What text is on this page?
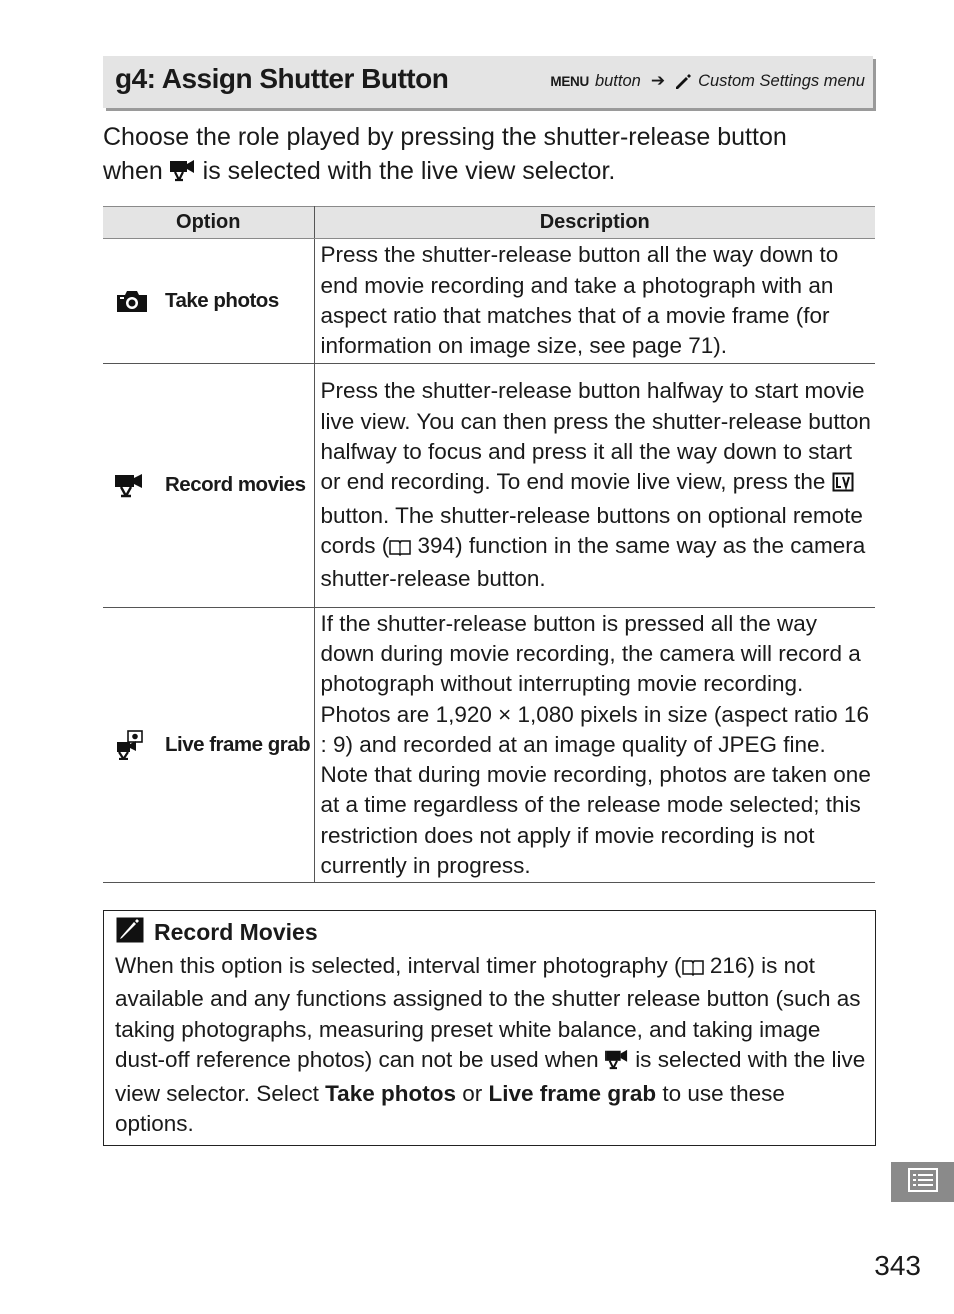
g4: Assign Shutter Button	MENU button ➔ Custom Settings menu

Choose the role played by pressing the shutter-release button

when is selected with the live view selector.

Option	Description

Take photos	Press the shutter-release button all the way down to end movie recording and take a photograph with an aspect ratio that matches that of a movie frame (for information on image size, see page 71).

Record movies	Press the shutter-release button halfway to start movie live view. You can then press the shutter-release button halfway to focus and press it all the way down to start or end recording. To end movie live view, press the  button. The shutter-release buttons on optional remote cords ( 394) function in the same way as the camera shutter-release button.

Live frame grab	If the shutter-release button is pressed all the way down during movie recording, the camera will record a photograph without interrupting movie recording. Photos are 1,920 × 1,080 pixels in size (aspect ratio 16 : 9) and recorded at an image quality of JPEG fine. Note that during movie recording, photos are taken one at a time regardless of the release mode selected; this restriction does not apply if movie recording is not currently in progress.
Record Movies

When this option is selected, interval timer photography ( 216) is not available and any functions assigned to the shutter release button (such as taking photographs, measuring preset white balance, and taking image dust-off reference photos) can not be used when is selected with the live view selector. Select Take photos or Live frame grab to use these options.

343
